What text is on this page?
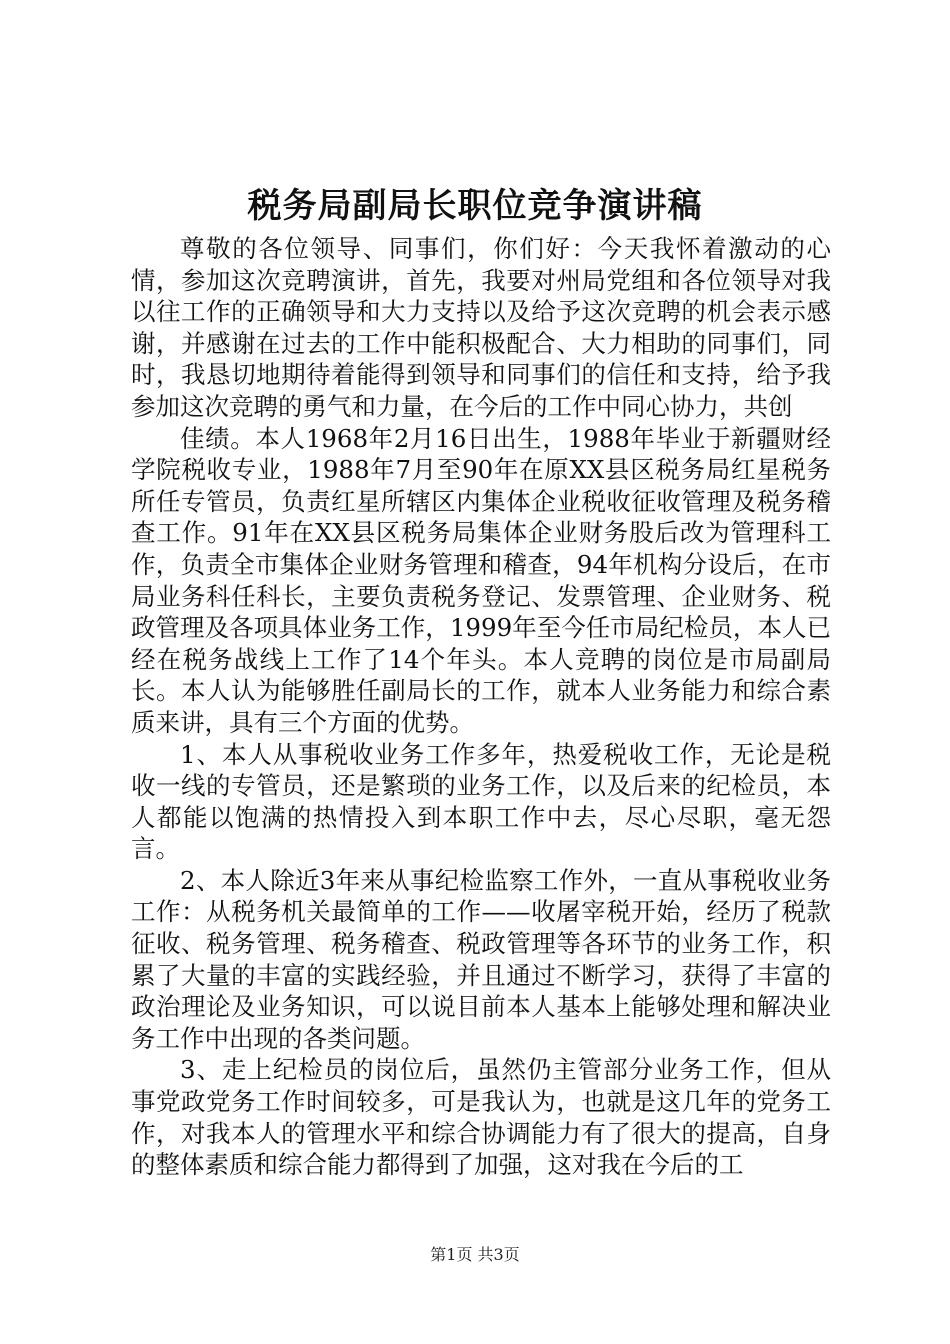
税务局副局长职位竞争演讲稿

尊敬的各位领导、同事们，你们好：今天我怀着激动的心情，参加这次竞聘演讲，首先，我要对州局党组和各位领导对我以往工作的正确领导和大力支持以及给予这次竞聘的机会表示感谢，并感谢在过去的工作中能积极配合、大力相助的同事们，同时，我恳切地期待着能得到领导和同事们的信任和支持，给予我参加这次竞聘的勇气和力量，在今后的工作中同心协力，共创

佳绩。本人1968年2月16日出生，1988年毕业于新疆财经学院税收专业，1988年7月至90年在原XX县区税务局红星税务所任专管员，负责红星所辖区内集体企业税收征收管理及税务稽查工作。91年在XX县区税务局集体企业财务股后改为管理科工作，负责全市集体企业财务管理和稽查，94年机构分设后，在市局业务科任科长，主要负责税务登记、发票管理、企业财务、税政管理及各项具体业务工作，1999年至今任市局纪检员，本人已经在税务战线上工作了14个年头。本人竞聘的岗位是市局副局长。本人认为能够胜任副局长的工作，就本人业务能力和综合素质来讲，具有三个方面的优势。

1、本人从事税收业务工作多年，热爱税收工作，无论是税收一线的专管员，还是繁琐的业务工作，以及后来的纪检员，本人都能以饱满的热情投入到本职工作中去，尽心尽职，毫无怨言。

2、本人除近3年来从事纪检监察工作外，一直从事税收业务工作：从税务机关最简单的工作——收屠宰税开始，经历了税款征收、税务管理、税务稽查、税政管理等各环节的业务工作，积累了大量的丰富的实践经验，并且通过不断学习，获得了丰富的政治理论及业务知识，可以说目前本人基本上能够处理和解决业务工作中出现的各类问题。

3、走上纪检员的岗位后，虽然仍主管部分业务工作，但从事党政党务工作时间较多，可是我认为，也就是这几年的党务工作，对我本人的管理水平和综合协调能力有了很大的提高，自身的整体素质和综合能力都得到了加强，这对我在今后的工

第1页 共3页
